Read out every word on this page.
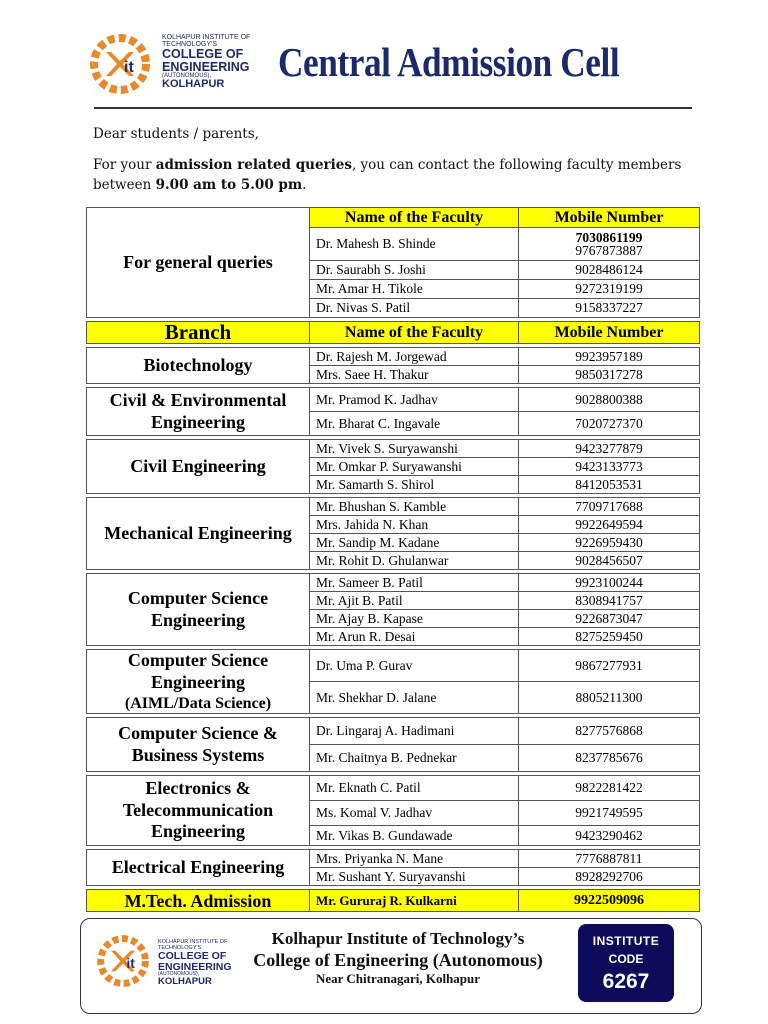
it
KOLHAPUR INSTITUTE OF TECHNOLOGY'S
COLLEGE OF ENGINEERING
(AUTONOMOUS),
KOLHAPUR	Central Admission Cell
Dear students / parents,
For your admission related queries, you can contact the following faculty members
between 9.00 am to 5.00 pm.
For general queries	Name of the Faculty	Mobile Number
	Dr. Mahesh B. Shinde	7030861199
9767873887
	Dr. Saurabh S. Joshi	9028486124
	Mr. Amar H. Tikole	9272319199
	Dr. Nivas S. Patil	9158337227

Branch	Name of the Faculty	Mobile Number

Biotechnology	Dr. Rajesh M. Jorgewad	9923957189
	Mrs. Saee H. Thakur	9850317278

Civil & Environmental Engineering	Mr. Pramod K. Jadhav	9028800388
	Mr. Bharat C. Ingavale	7020727370

Civil Engineering	Mr. Vivek S. Suryawanshi	9423277879
	Mr. Omkar P. Suryawanshi	9423133773
	Mr. Samarth S. Shirol	8412053531

Mechanical Engineering	Mr. Bhushan S. Kamble	7709717688
	Mrs. Jahida N. Khan	9922649594
	Mr. Sandip M. Kadane	9226959430
	Mr. Rohit D. Ghulanwar	9028456507

Computer Science Engineering	Mr. Sameer B. Patil	9923100244
	Mr. Ajit B. Patil	8308941757
	Mr. Ajay B. Kapase	9226873047
	Mr. Arun R. Desai	8275259450

Computer Science Engineering
(AIML/Data Science)	Dr. Uma P. Gurav	9867277931
	Mr. Shekhar D. Jalane	8805211300

Computer Science & Business Systems	Dr. Lingaraj A. Hadimani	8277576868
	Mr. Chaitnya B. Pednekar	8237785676

Electronics & Telecommunication Engineering	Mr. Eknath C. Patil	9822281422
	Ms. Komal V. Jadhav	9921749595
	Mr. Vikas B. Gundawade	9423290462

Electrical Engineering	Mrs. Priyanka N. Mane	7776887811
	Mr. Sushant Y. Suryavanshi	8928292706

M.Tech. Admission	Mr. Gururaj R. Kulkarni	9922509096
it
KOLHAPUR INSTITUTE OF TECHNOLOGY'S
COLLEGE OF ENGINEERING
(AUTONOMOUS),
KOLHAPUR
Kolhapur Institute of Technology’s
College of Engineering (Autonomous)
Near Chitranagari, Kolhapur
INSTITUTE
CODE
6267
